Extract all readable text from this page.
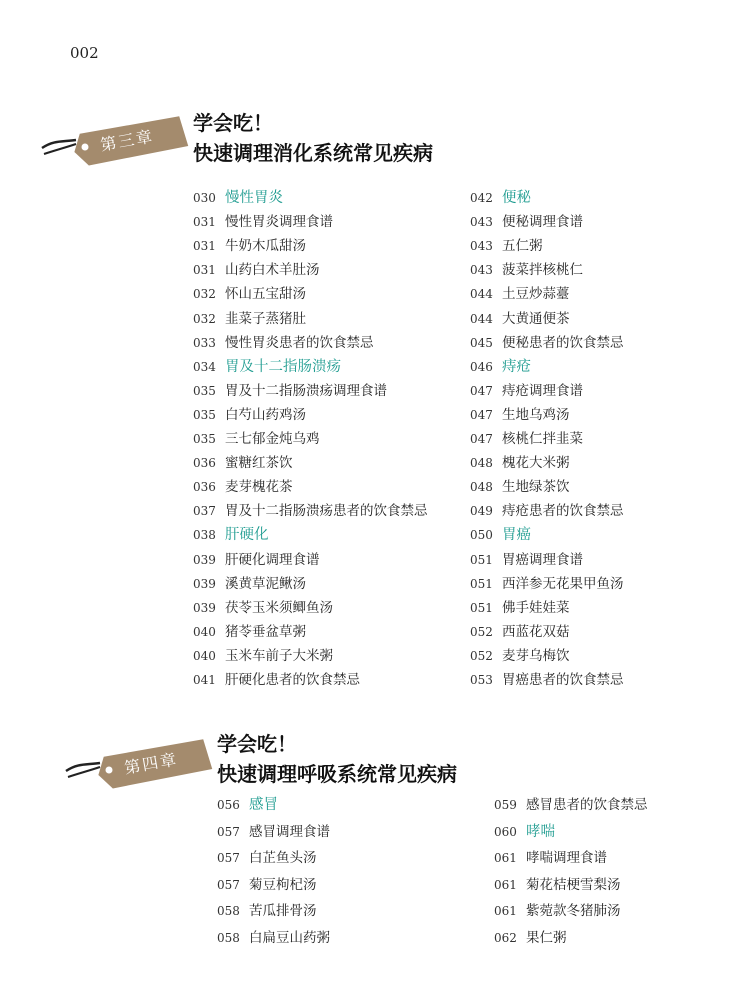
002
第三章
学会吃！
快速调理消化系统常见疾病
030 慢性胃炎
031 慢性胃炎调理食谱
031 牛奶木瓜甜汤
031 山药白术羊肚汤
032 怀山五宝甜汤
032 韭菜子蒸猪肚
033 慢性胃炎患者的饮食禁忌
034 胃及十二指肠溃疡
035 胃及十二指肠溃疡调理食谱
035 白芍山药鸡汤
035 三七郁金炖乌鸡
036 蜜糖红茶饮
036 麦芽槐花茶
037 胃及十二指肠溃疡患者的饮食禁忌
038 肝硬化
039 肝硬化调理食谱
039 溪黄草泥鳅汤
039 茯苓玉米须鲫鱼汤
040 猪苓垂盆草粥
040 玉米车前子大米粥
041 肝硬化患者的饮食禁忌
042 便秘
043 便秘调理食谱
043 五仁粥
043 菠菜拌核桃仁
044 土豆炒蒜薹
044 大黄通便茶
045 便秘患者的饮食禁忌
046 痔疮
047 痔疮调理食谱
047 生地乌鸡汤
047 核桃仁拌韭菜
048 槐花大米粥
048 生地绿茶饮
049 痔疮患者的饮食禁忌
050 胃癌
051 胃癌调理食谱
051 西洋参无花果甲鱼汤
051 佛手娃娃菜
052 西蓝花双菇
052 麦芽乌梅饮
053 胃癌患者的饮食禁忌
第四章
学会吃！
快速调理呼吸系统常见疾病
056 感冒
057 感冒调理食谱
057 白芷鱼头汤
057 菊豆枸杞汤
058 苦瓜排骨汤
058 白扁豆山药粥
059 感冒患者的饮食禁忌
060 哮喘
061 哮喘调理食谱
061 菊花桔梗雪梨汤
061 紫菀款冬猪肺汤
062 果仁粥
